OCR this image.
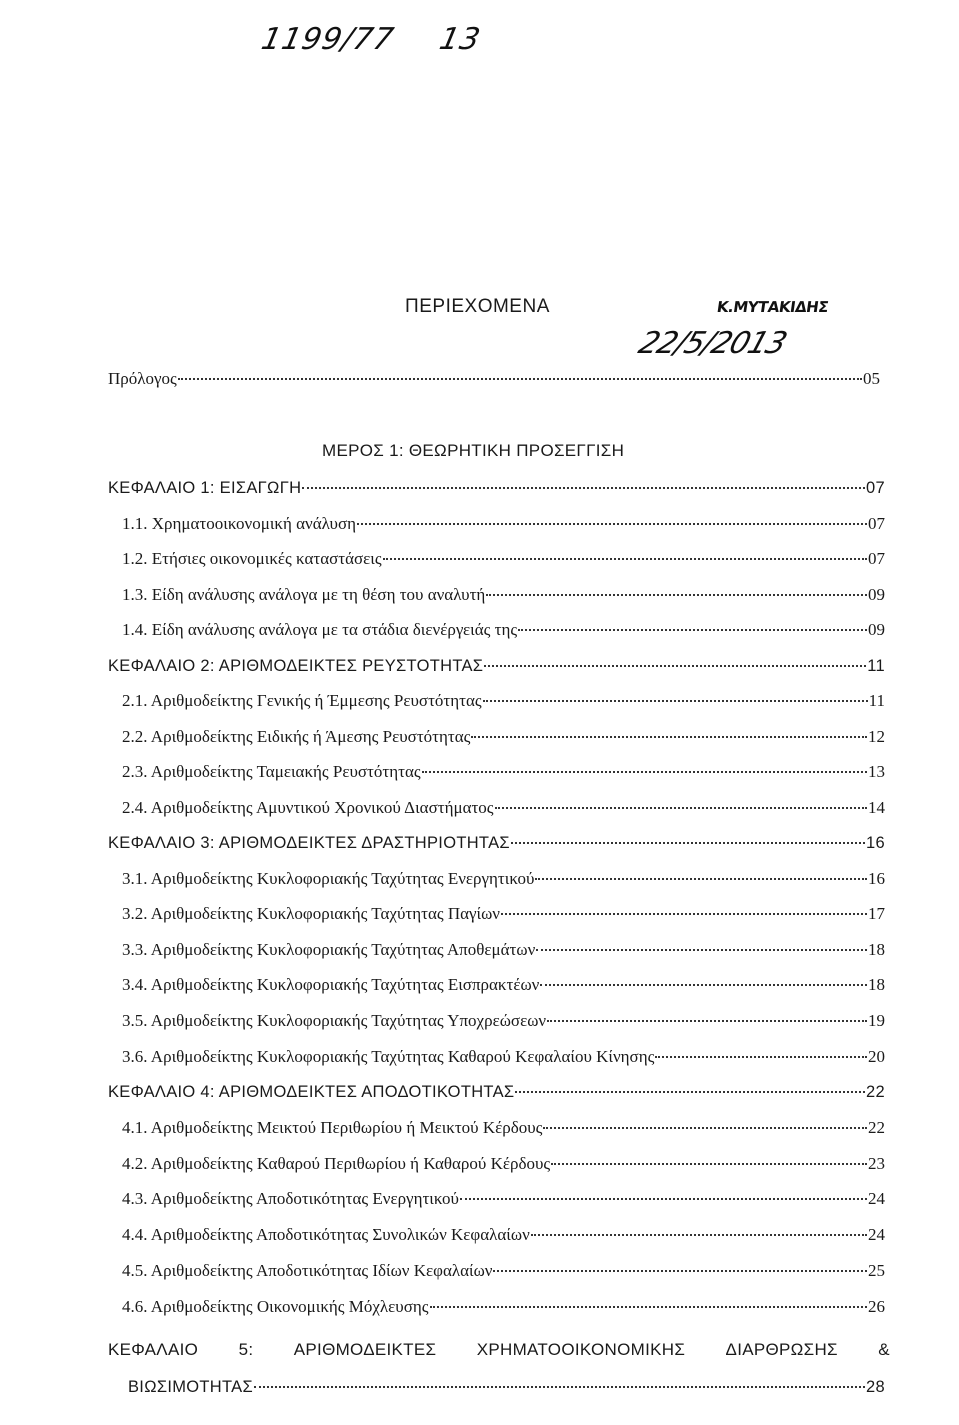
1199/77 13
ΠΕΡΙΕΧΟΜΕΝΑ	Κ.ΜΥΤΑΚΙΔΗΣ
22/5/2013
Πρόλογος	05
ΚΕΦΑΛΑΙΟ 1: ΕΙΣΑΓΩΓΗ	07
1.1. Χρηματοοικονομική ανάλυση	07
1.2. Ετήσιες οικονομικές καταστάσεις	07
1.3. Είδη ανάλυσης ανάλογα με τη θέση του αναλυτή	09
1.4. Είδη ανάλυσης ανάλογα με τα στάδια διενέργειάς της	09
ΚΕΦΑΛΑΙΟ 2: ΑΡΙΘΜΟΔΕΙΚΤΕΣ ΡΕΥΣΤΟΤΗΤΑΣ	11
2.1. Αριθμοδείκτης Γενικής ή Έμμεσης Ρευστότητας	11
2.2. Αριθμοδείκτης Ειδικής ή Άμεσης Ρευστότητας	12
2.3. Αριθμοδείκτης Ταμειακής Ρευστότητας	13
2.4. Αριθμοδείκτης Αμυντικού Χρονικού Διαστήματος	14
ΚΕΦΑΛΑΙΟ 3: ΑΡΙΘΜΟΔΕΙΚΤΕΣ ΔΡΑΣΤΗΡΙΟΤΗΤΑΣ	16
3.1. Αριθμοδείκτης Κυκλοφοριακής Ταχύτητας Ενεργητικού	16
3.2. Αριθμοδείκτης Κυκλοφοριακής Ταχύτητας Παγίων	17
3.3. Αριθμοδείκτης Κυκλοφοριακής Ταχύτητας Αποθεμάτων	18
3.4. Αριθμοδείκτης Κυκλοφοριακής Ταχύτητας Εισπρακτέων	18
3.5. Αριθμοδείκτης Κυκλοφοριακής Ταχύτητας Υποχρεώσεων	19
3.6. Αριθμοδείκτης Κυκλοφοριακής Ταχύτητας Καθαρού Κεφαλαίου Κίνησης	20
ΚΕΦΑΛΑΙΟ 4: ΑΡΙΘΜΟΔΕΙΚΤΕΣ ΑΠΟΔΟΤΙΚΟΤΗΤΑΣ	22
4.1. Αριθμοδείκτης Μεικτού Περιθωρίου ή Μεικτού Κέρδους	22
4.2. Αριθμοδείκτης Καθαρού Περιθωρίου ή Καθαρού Κέρδους	23
4.3. Αριθμοδείκτης Αποδοτικότητας Ενεργητικού	24
4.4. Αριθμοδείκτης Αποδοτικότητας Συνολικών Κεφαλαίων	24
4.5. Αριθμοδείκτης Αποδοτικότητας Ιδίων Κεφαλαίων	25
4.6. Αριθμοδείκτης Οικονομικής Μόχλευσης	26
ΜΕΡΟΣ 1: ΘΕΩΡΗΤΙΚΗ ΠΡΟΣΕΓΓΙΣΗ
ΚΕΦΑΛΑΙΟ 5: ΑΡΙΘΜΟΔΕΙΚΤΕΣ ΧΡΗΜΑΤΟΟΙΚΟΝΟΜΙΚΗΣ ΔΙΑΡΘΡΩΣΗΣ &
ΒΙΩΣΙΜΟΤΗΤΑΣ	28
